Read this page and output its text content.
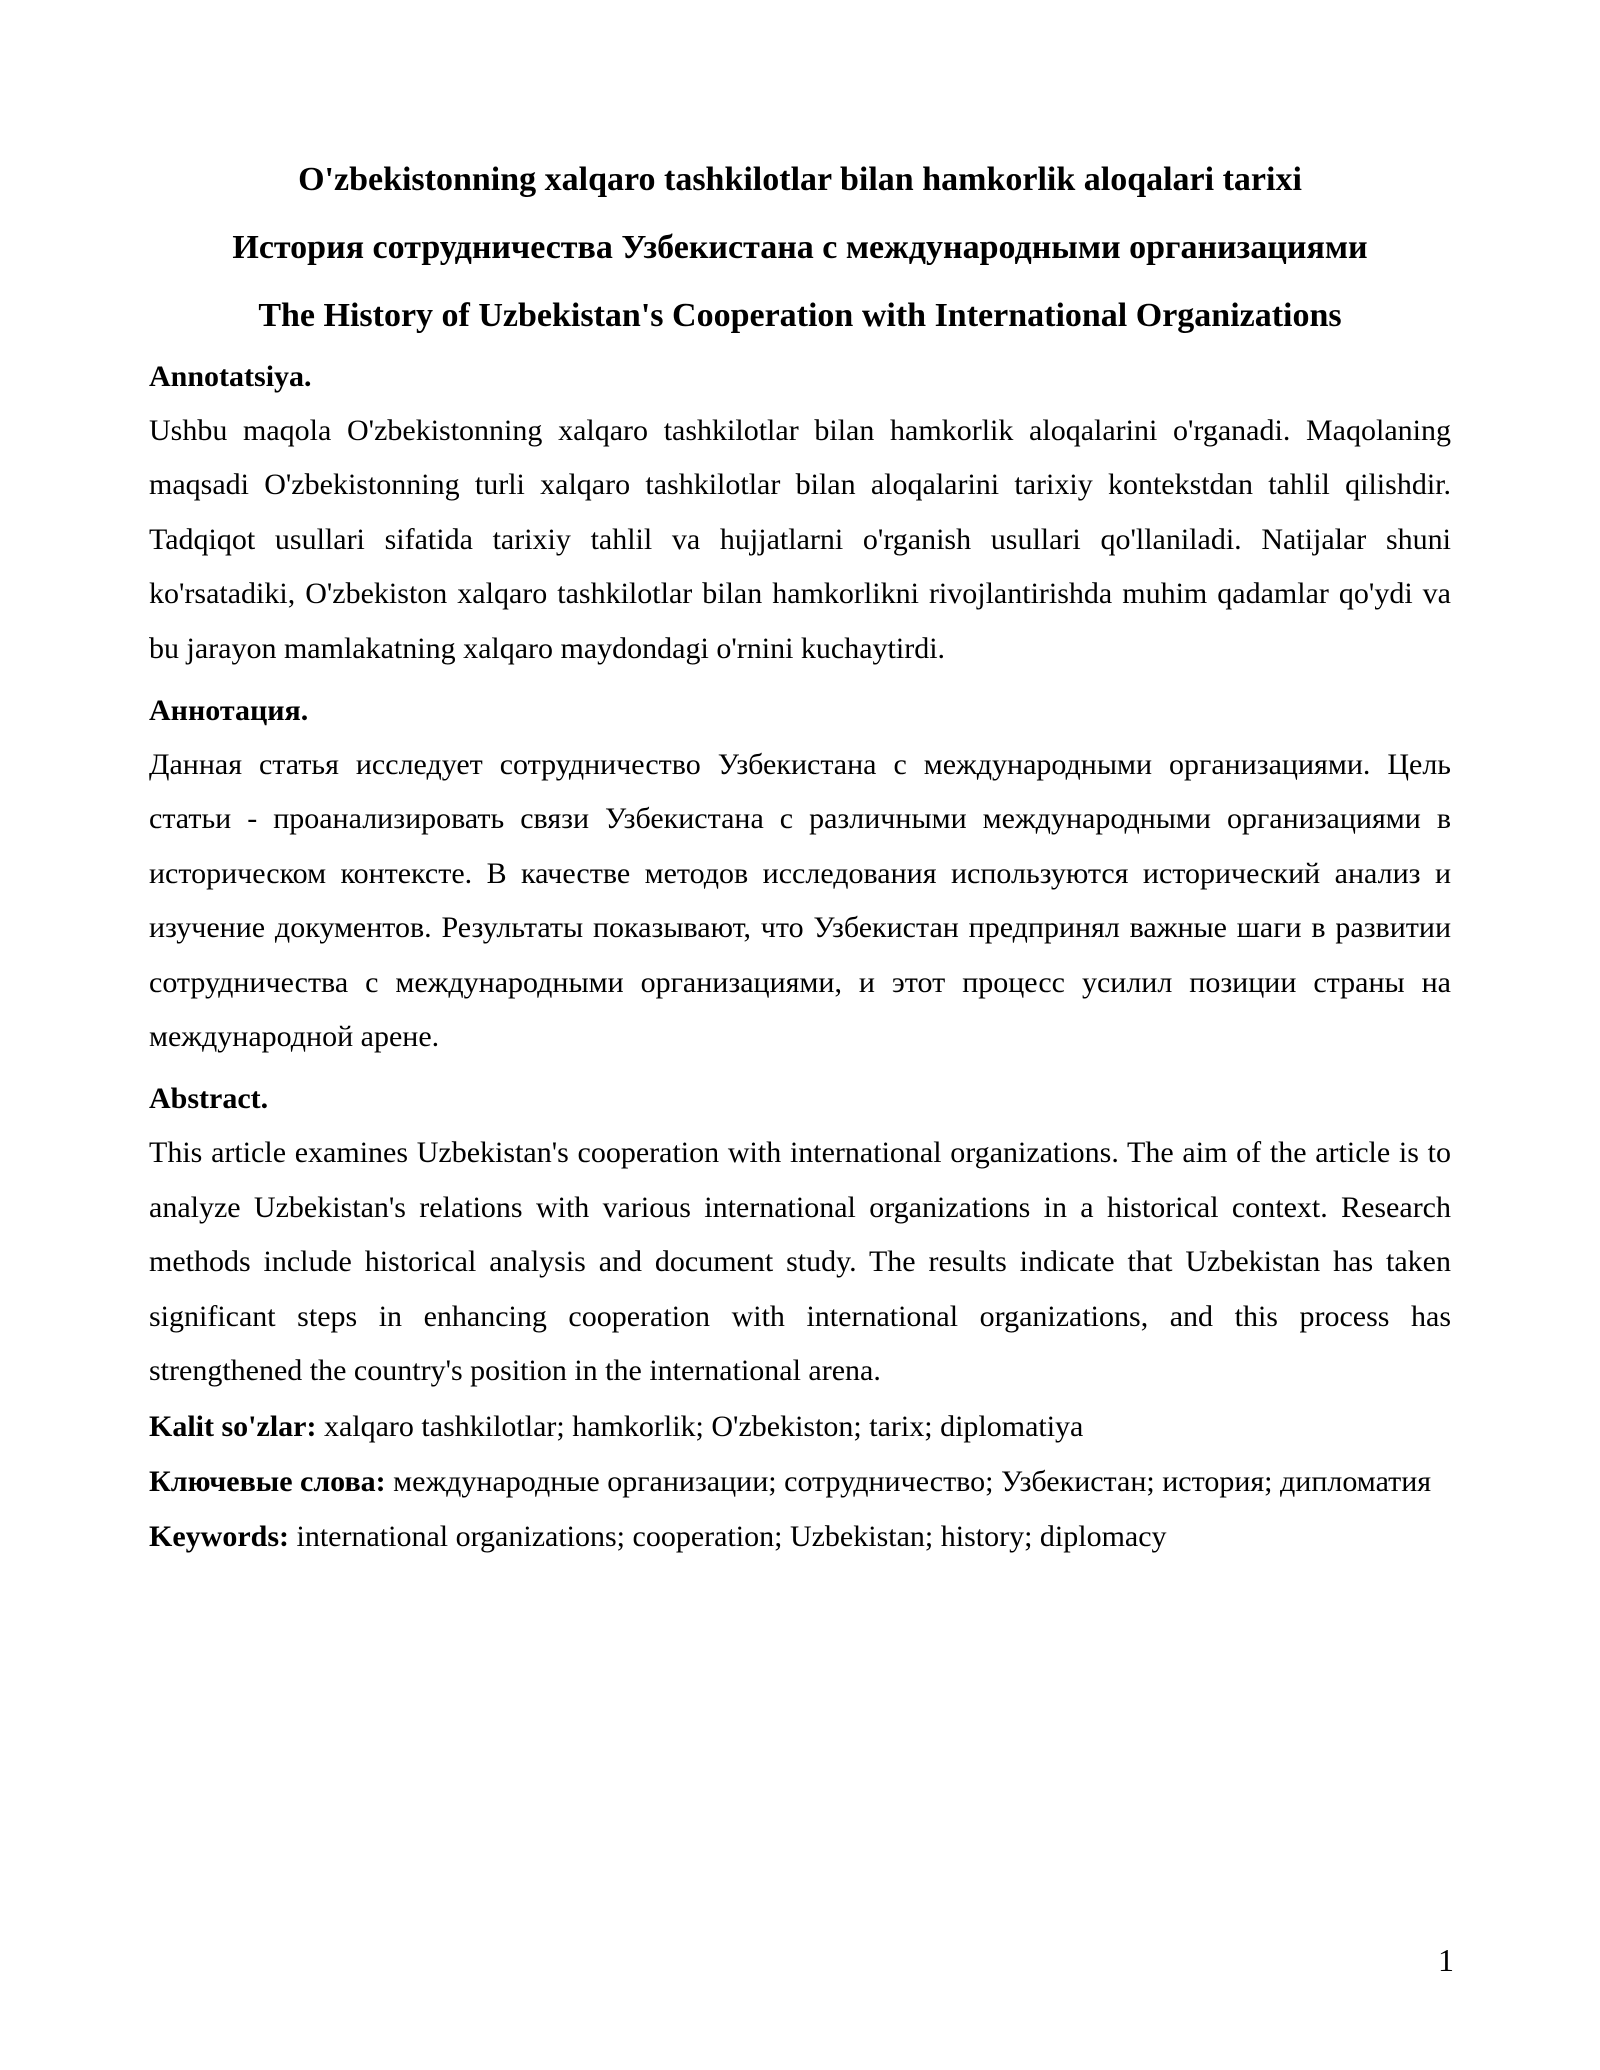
O'zbekistonning xalqaro tashkilotlar bilan hamkorlik aloqalari tarixi
История сотрудничества Узбекистана с международными организациями
The History of Uzbekistan's Cooperation with International Organizations

Annotatsiya.

Ushbu maqola O'zbekistonning xalqaro tashkilotlar bilan hamkorlik aloqalarini o'rganadi. Maqolaning maqsadi O'zbekistonning turli xalqaro tashkilotlar bilan aloqalarini tarixiy kontekstdan tahlil qilishdir. Tadqiqot usullari sifatida tarixiy tahlil va hujjatlarni o'rganish usullari qo'llaniladi. Natijalar shuni ko'rsatadiki, O'zbekiston xalqaro tashkilotlar bilan hamkorlikni rivojlantirishda muhim qadamlar qo'ydi va bu jarayon mamlakatning xalqaro maydondagi o'rnini kuchaytirdi.

Аннотация.

Данная статья исследует сотрудничество Узбекистана с международными организациями. Цель статьи - проанализировать связи Узбекистана с различными международными организациями в историческом контексте. В качестве методов исследования используются исторический анализ и изучение документов. Результаты показывают, что Узбекистан предпринял важные шаги в развитии сотрудничества с международными организациями, и этот процесс усилил позиции страны на международной арене.

Abstract.

This article examines Uzbekistan's cooperation with international organizations. The aim of the article is to analyze Uzbekistan's relations with various international organizations in a historical context. Research methods include historical analysis and document study. The results indicate that Uzbekistan has taken significant steps in enhancing cooperation with international organizations, and this process has strengthened the country's position in the international arena.

Kalit so'zlar: xalqaro tashkilotlar; hamkorlik; O'zbekiston; tarix; diplomatiya

Ключевые слова: международные организации; сотрудничество; Узбекистан; история; дипломатия

Keywords: international organizations; cooperation; Uzbekistan; history; diplomacy

1
